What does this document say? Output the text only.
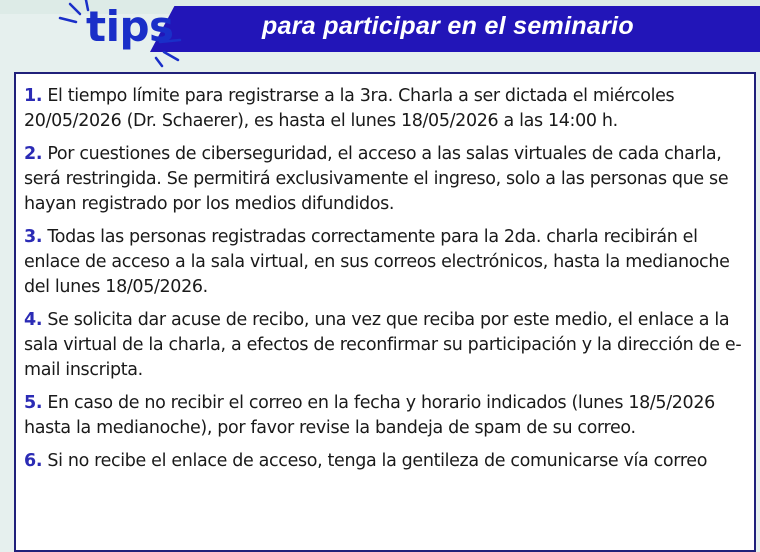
para participar en el seminario
tips
1. El tiempo límite para registrarse a la 3ra. Charla a ser dictada el miércoles 20/05/2026 (Dr. Schaerer), es hasta el lunes 18/05/2026 a las 14:00 h.
2. Por cuestiones de ciberseguridad, el acceso a las salas virtuales de cada charla, será restringida. Se permitirá exclusivamente el ingreso, solo a las personas que se hayan registrado por los medios difundidos.
3. Todas las personas registradas correctamente para la 2da. charla recibirán el enlace de acceso a la sala virtual, en sus correos electrónicos, hasta la medianoche del lunes 18/05/2026.
4. Se solicita dar acuse de recibo, una vez que reciba por este medio, el enlace a la sala virtual de la charla, a efectos de reconfirmar su participación y la dirección de e-mail inscripta.
5. En caso de no recibir el correo en la fecha y horario indicados (lunes 18/5/2026 hasta la medianoche), por favor revise la bandeja de spam de su correo.
6. Si no recibe el enlace de acceso, tenga la gentileza de comunicarse vía correo
